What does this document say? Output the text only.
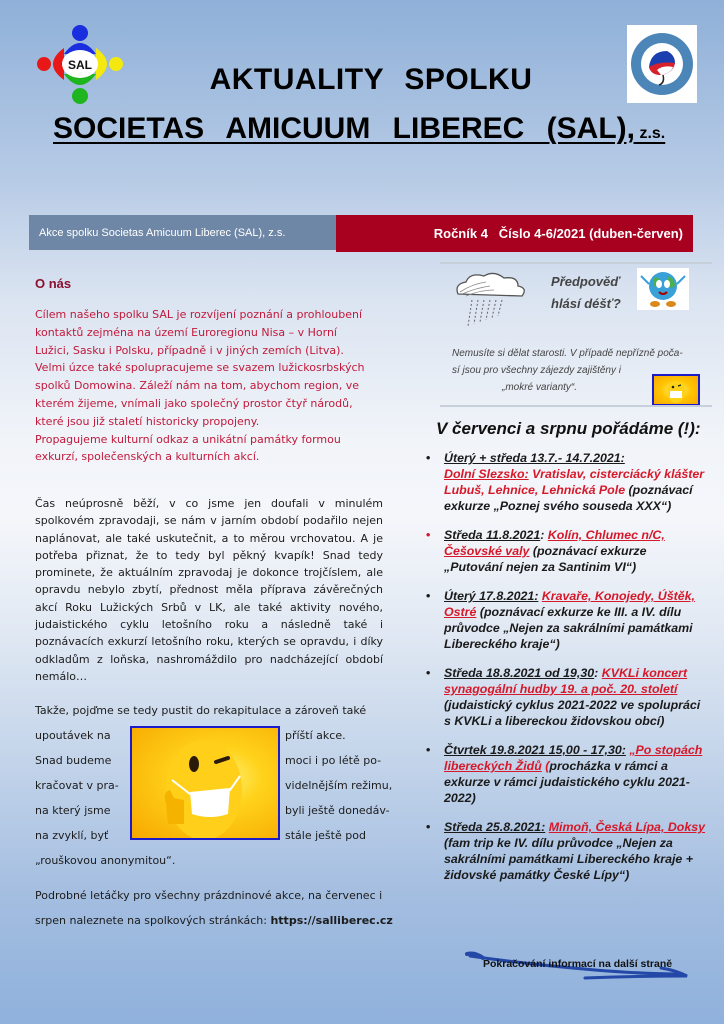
SAL	AKTUALITY SPOLKU
SOCIETAS AMICUUM LIBEREC (SAL), z.s.
Akce spolku Societas Amicuum Liberec (SAL), z.s.	Ročník 4   Číslo 4-6/2021 (duben-červen)
O nás

Cílem našeho spolku SAL je rozvíjení poznání a prohloubení kontaktů zejména na území Euroregionu Nisa – v Horní Lužici, Sasku i Polsku, případně i v jiných zemích (Litva). Velmi úzce také spolupracujeme se svazem lužickosrbských spolků Domowina. Záleží nám na tom, abychom region, ve kterém žijeme, vnímali jako společný prostor čtyř národů, které jsou již staletí historicky propojeny.

Propagujeme kulturní odkaz a unikátní památky formou exkurzí, společenských a kulturních akcí.

Čas neúprosně běží, v co jsme jen doufali v minulém spolkovém zpravodaji, se nám v jarním období podařilo nejen naplánovat, ale také uskutečnit, a to měrou vrchovatou. A je potřeba přiznat, že to tedy byl pěkný kvapík! Snad tedy prominete, že aktuálním zpravodaj je dokonce trojčíslem, ale opravdu nebylo zbytí, přednost měla příprava závěrečných akcí Roku Lužických Srbů v LK, ale také aktivity nového, judaistického cyklu letošního roku a následně také i poznávacích exkurzí letošního roku, kterých se opravdu, i díky odkladům z loňska, nashromáždilo pro nadcházející období nemálo…
Takže, pojďme se tedy pustit do rekapitulace a zároveň také
upoutávek na
Snad budeme
kračovat v pra-
na který jsme
na zvyklí, byť
příští akce.
moci i po létě po-
videlnějším režimu,
byli ještě donedáv-
stále ještě pod
„rouškovou anonymitou“.
Podrobné letáčky pro všechny prázdninové akce, na červenec i
srpen naleznete na spolkových stránkách: https://salliberec.cz
Předpověď
hlásí déšť?
Nemusíte si dělat starosti. V případě nepřízně poča-
sí jsou pro všechny zájezdy zajištěny i
„mokré varianty“.
V červenci a srpnu pořádáme (!):
• Úterý + středa 13.7.- 14.7.2021:
Dolní Slezsko: Vratislav, cisterciácký klášter Lubuš, Lehnice, Lehnická Pole (poznávací exkurze „Poznej svého souseda XXX“)
• Středa 11.8.2021: Kolín, Chlumec n/C, Češovské valy (poznávací exkurze „Putování nejen za Santinim VI“)
• Úterý 17.8.2021: Kravaře, Konojedy, Úštěk, Ostré (poznávací exkurze ke III. a IV. dílu průvodce „Nejen za sakrálními památkami Libereckého kraje“)
• Středa 18.8.2021 od 19,30: KVKLi koncert synagogální hudby 19. a poč. 20. století (judaistický cyklus 2021-2022 ve spolupráci s KVKLi a libereckou židovskou obcí)
• Čtvrtek 19.8.2021 15,00 - 17,30: „Po stopách libereckých Židů (procházka v rámci a exkurze v rámci judaistického cyklu 2021-2022)
• Středa 25.8.2021: Mimoň, Česká Lípa, Doksy (fam trip ke IV. dílu průvodce „Nejen za sakrálními památkami Libereckého kraje + židovské památky České Lípy“)
Pokračování informací na další straně
